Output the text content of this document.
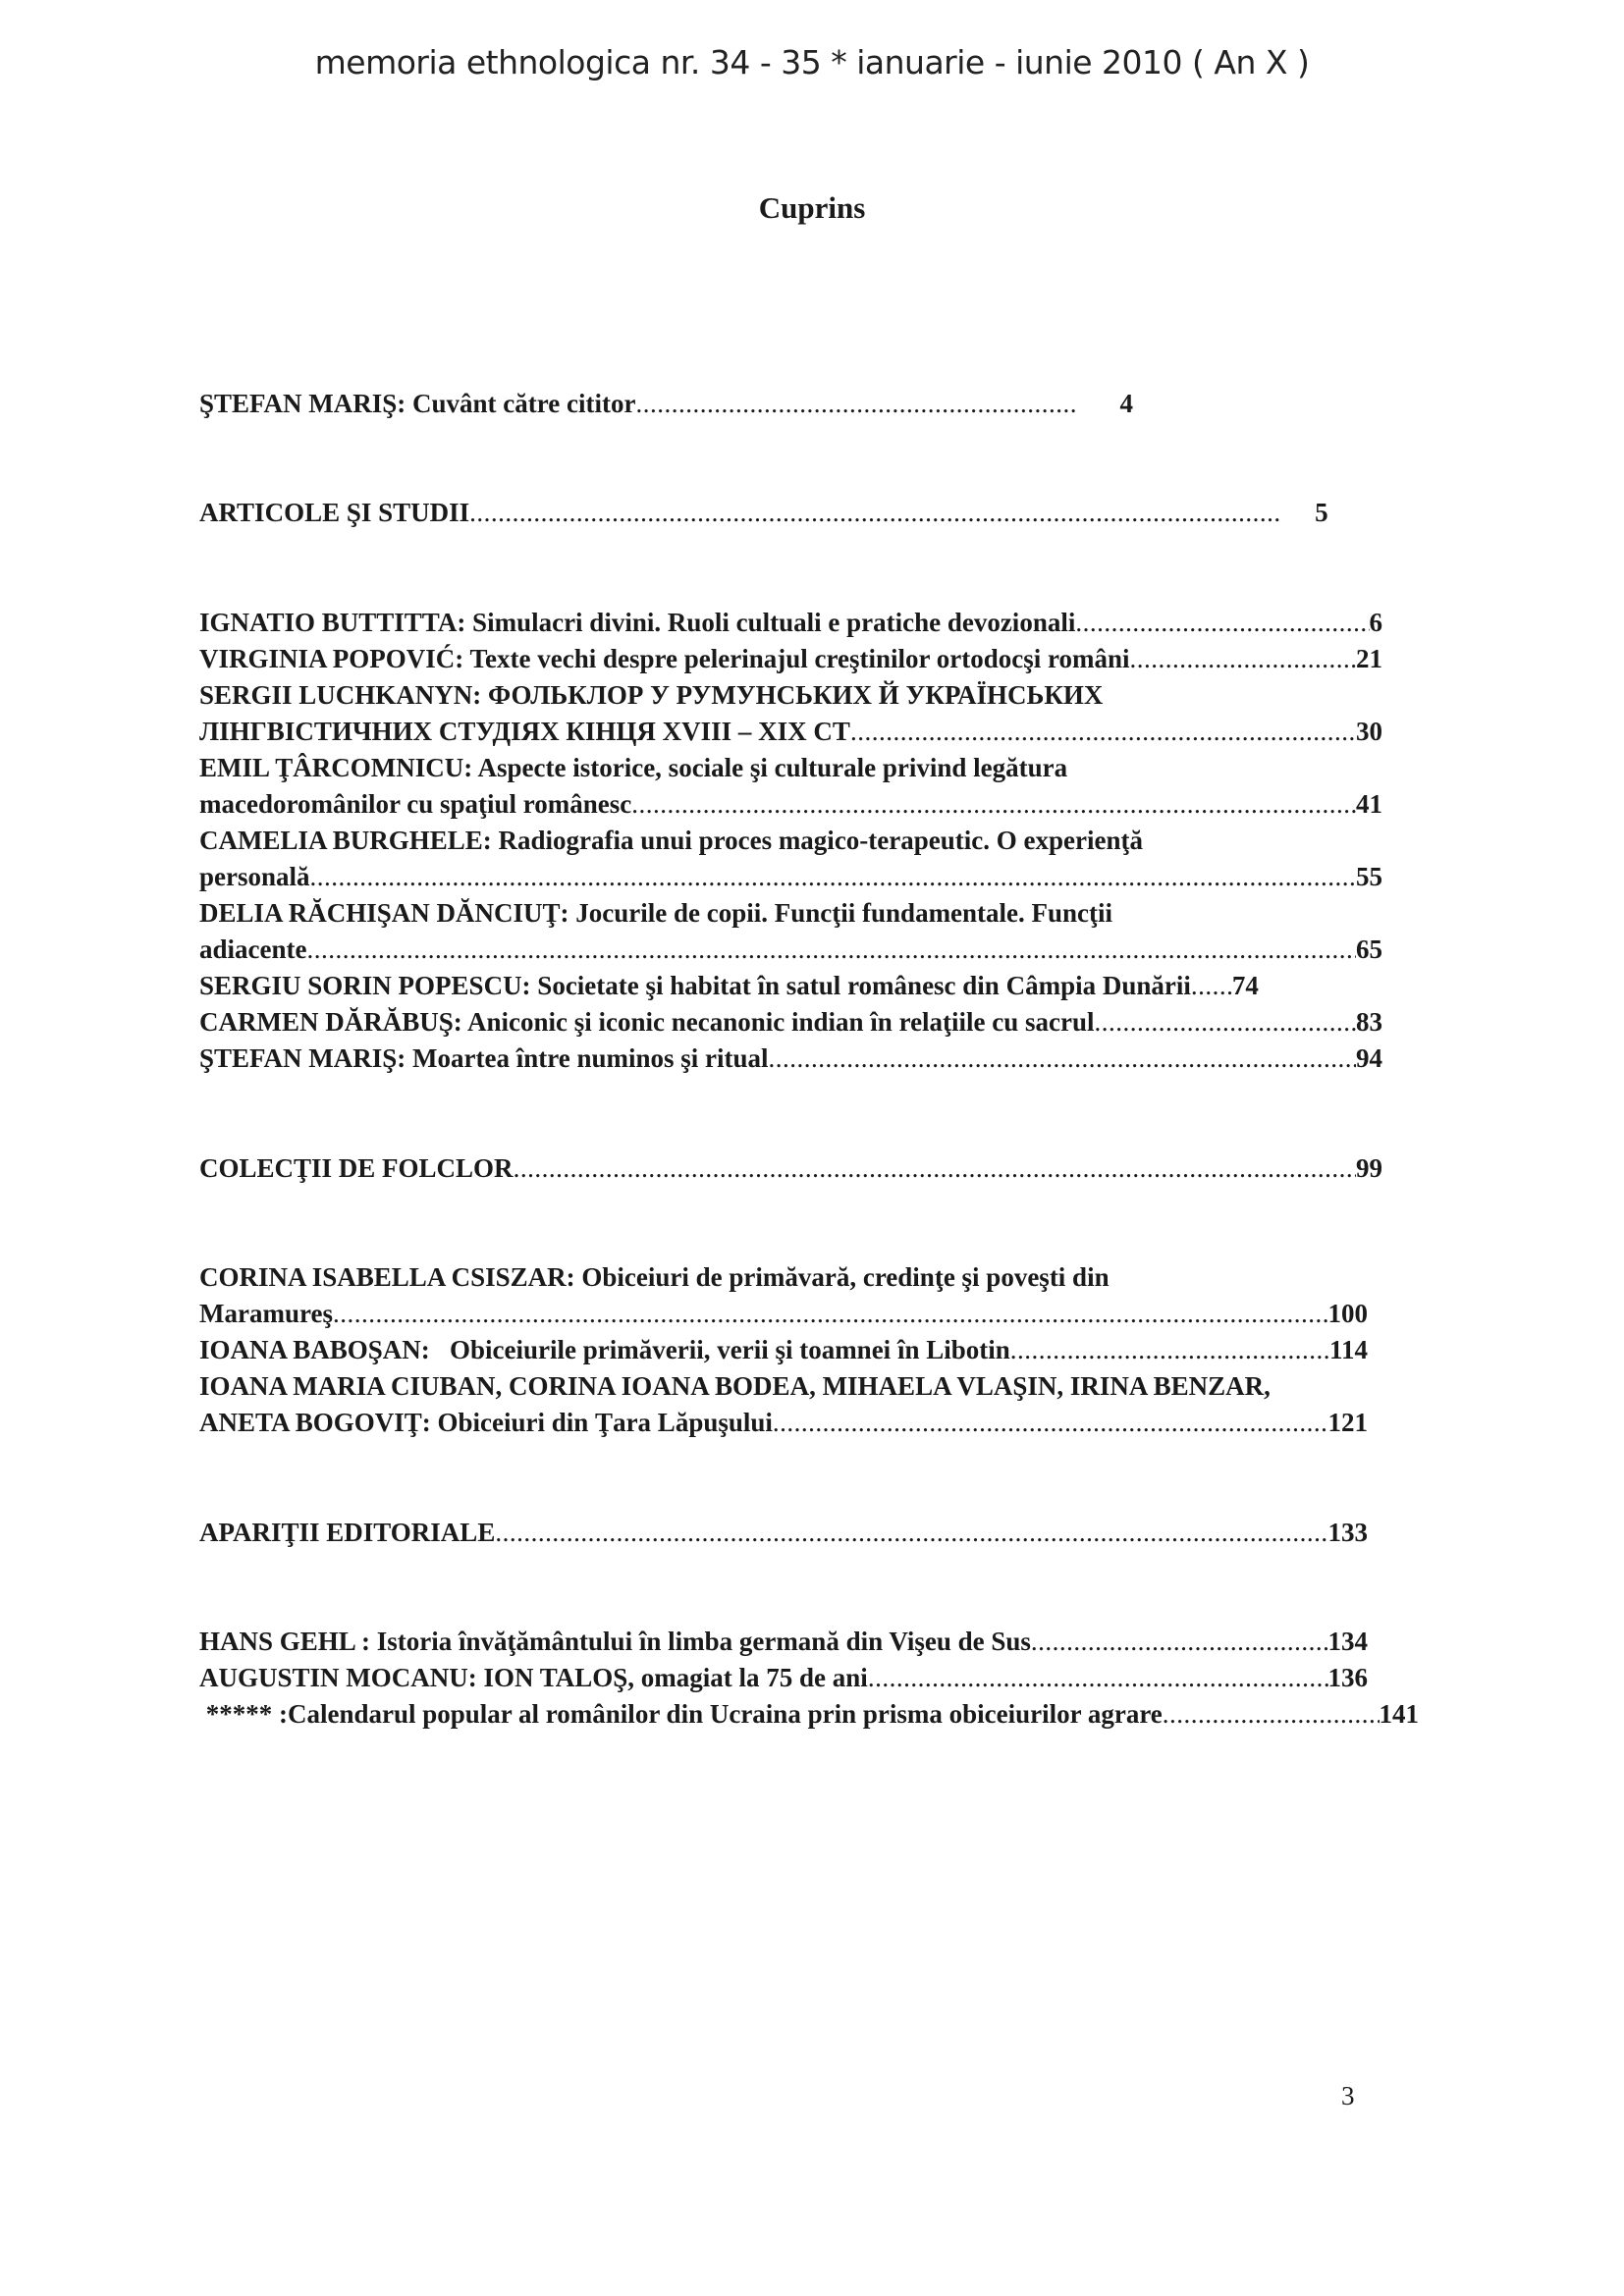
memoria ethnologica nr. 34 - 35 * ianuarie - iunie 2010 ( An X )
Cuprins
ŞTEFAN MARIŞ: Cuvânt către cititor .....	4
ARTICOLE ŞI STUDII .....	5
IGNATIO BUTTITTA: Simulacri divini. Ruoli cultuali e pratiche devozionali .....	6
VIRGINIA POPOVIĆ: Texte vechi despre pelerinajul creştinilor ortodocşi români .....	21
SERGII LUCHKANYN: ФОЛЬКЛОР У РУМУНСЬКИХ Й УКРАЇНСЬКИХ
ЛІНГВІСТИЧНИХ СТУДІЯХ КІНЦЯ XVIII – XIX СТ .....	30
EMIL ŢÂRCOMNICU: Aspecte istorice, sociale şi culturale privind legătura
macedoromânilor cu spaţiul românesc .....	41
CAMELIA BURGHELE: Radiografia unui proces magico-terapeutic. O experienţă
personală .....	55
DELIA RĂCHIŞAN DĂNCIUŢ: Jocurile de copii. Funcţii fundamentale. Funcţii
adiacente .....	65
SERGIU SORIN POPESCU: Societate şi habitat în satul românesc din Câmpia Dunării ..... 74
CARMEN DĂRĂBUŞ: Aniconic şi iconic necanonic indian în relaţiile cu sacrul .....	83
ŞTEFAN MARIŞ: Moartea între numinos şi ritual .....	94
COLECŢII DE FOLCLOR .....	99
CORINA ISABELLA CSISZAR: Obiceiuri de primăvară, credinţe şi poveşti din
Maramureş .....	100
IOANA BABOŞAN:   Obiceiurile primăverii, verii şi toamnei în Libotin .....	114
IOANA MARIA CIUBAN, CORINA IOANA BODEA, MIHAELA VLAŞIN, IRINA BENZAR,
ANETA BOGOVIŢ: Obiceiuri din Ţara Lăpuşului .....	121
APARIŢII EDITORIALE .....	133
HANS GEHL : Istoria învăţământului în limba germană din Vişeu de Sus .....	134
AUGUSTIN MOCANU: ION TALOŞ, omagiat la 75 de ani .....	136
***** :Calendarul popular al românilor din Ucraina prin prisma obiceiurilor agrare .....	141
3
